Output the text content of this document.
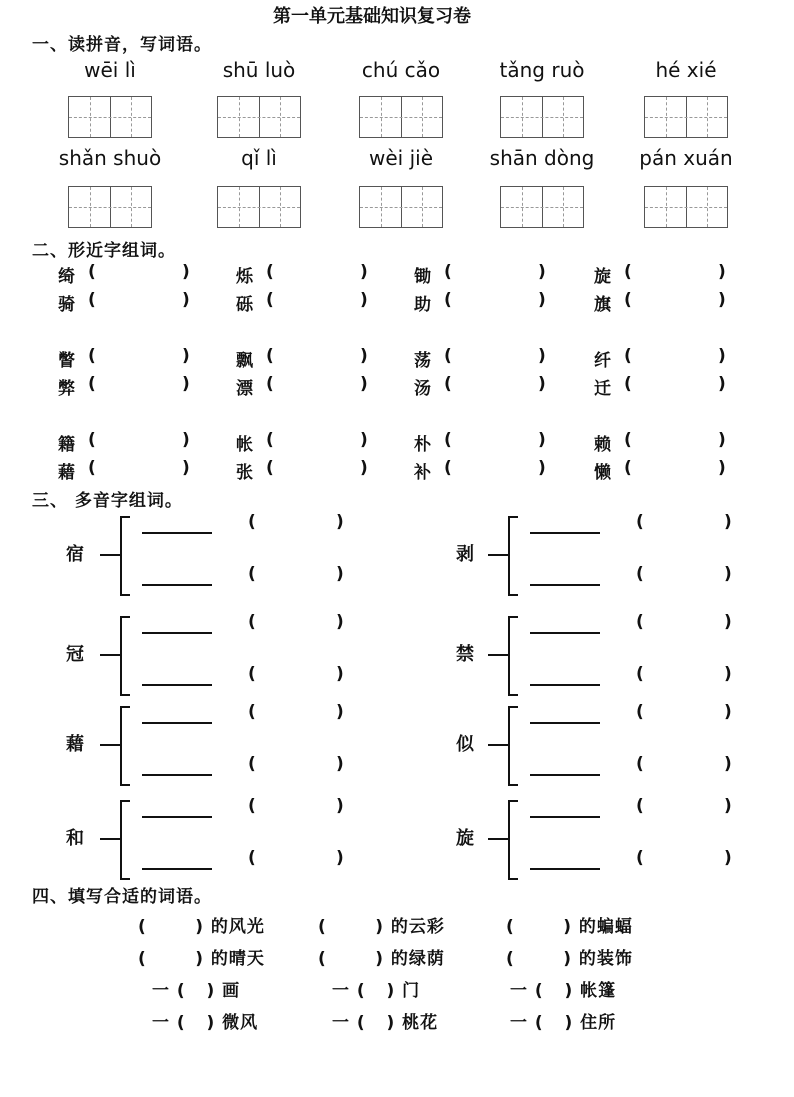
第一单元基础知识复习卷
一、读拼音，写词语。
wēi lì	shū luò	chú cǎo	tǎng ruò	hé xié
shǎn shuò	qǐ lì	wèi jiè	shān dòng	pán xuán
二、形近字组词。
绮 (	)
骑 (	)
烁 (	)
砾 (	)
锄 (	)
助 (	)
旋 (	)
旗 (	)
瞥 (	)
弊 (	)
飘 (	)
漂 (	)
荡 (	)
汤 (	)
纤 (	)
迁 (	)
籍 (	)
藉 (	)
帐 (	)
张 (	)
朴 (	)
补 (	)
赖 (	)
懒 (	)
三、 多音字组词。
宿
(	)
(	)
冠
(	)
(	)
藉
(	)
(	)
和
(	)
(	)
剥
(	)
(	)
禁
(	)
(	)
似
(	)
(	)
旋
(	)
(	)
四、填写合适的词语。
(       ) 的风光	(       ) 的云彩	(       ) 的蝙蝠
(       ) 的晴天	(       ) 的绿荫	(       ) 的装饰
一 (   ) 画	一 (   ) 门	一 (   ) 帐篷
一 (   ) 微风	一 (   ) 桃花	一 (   ) 住所
